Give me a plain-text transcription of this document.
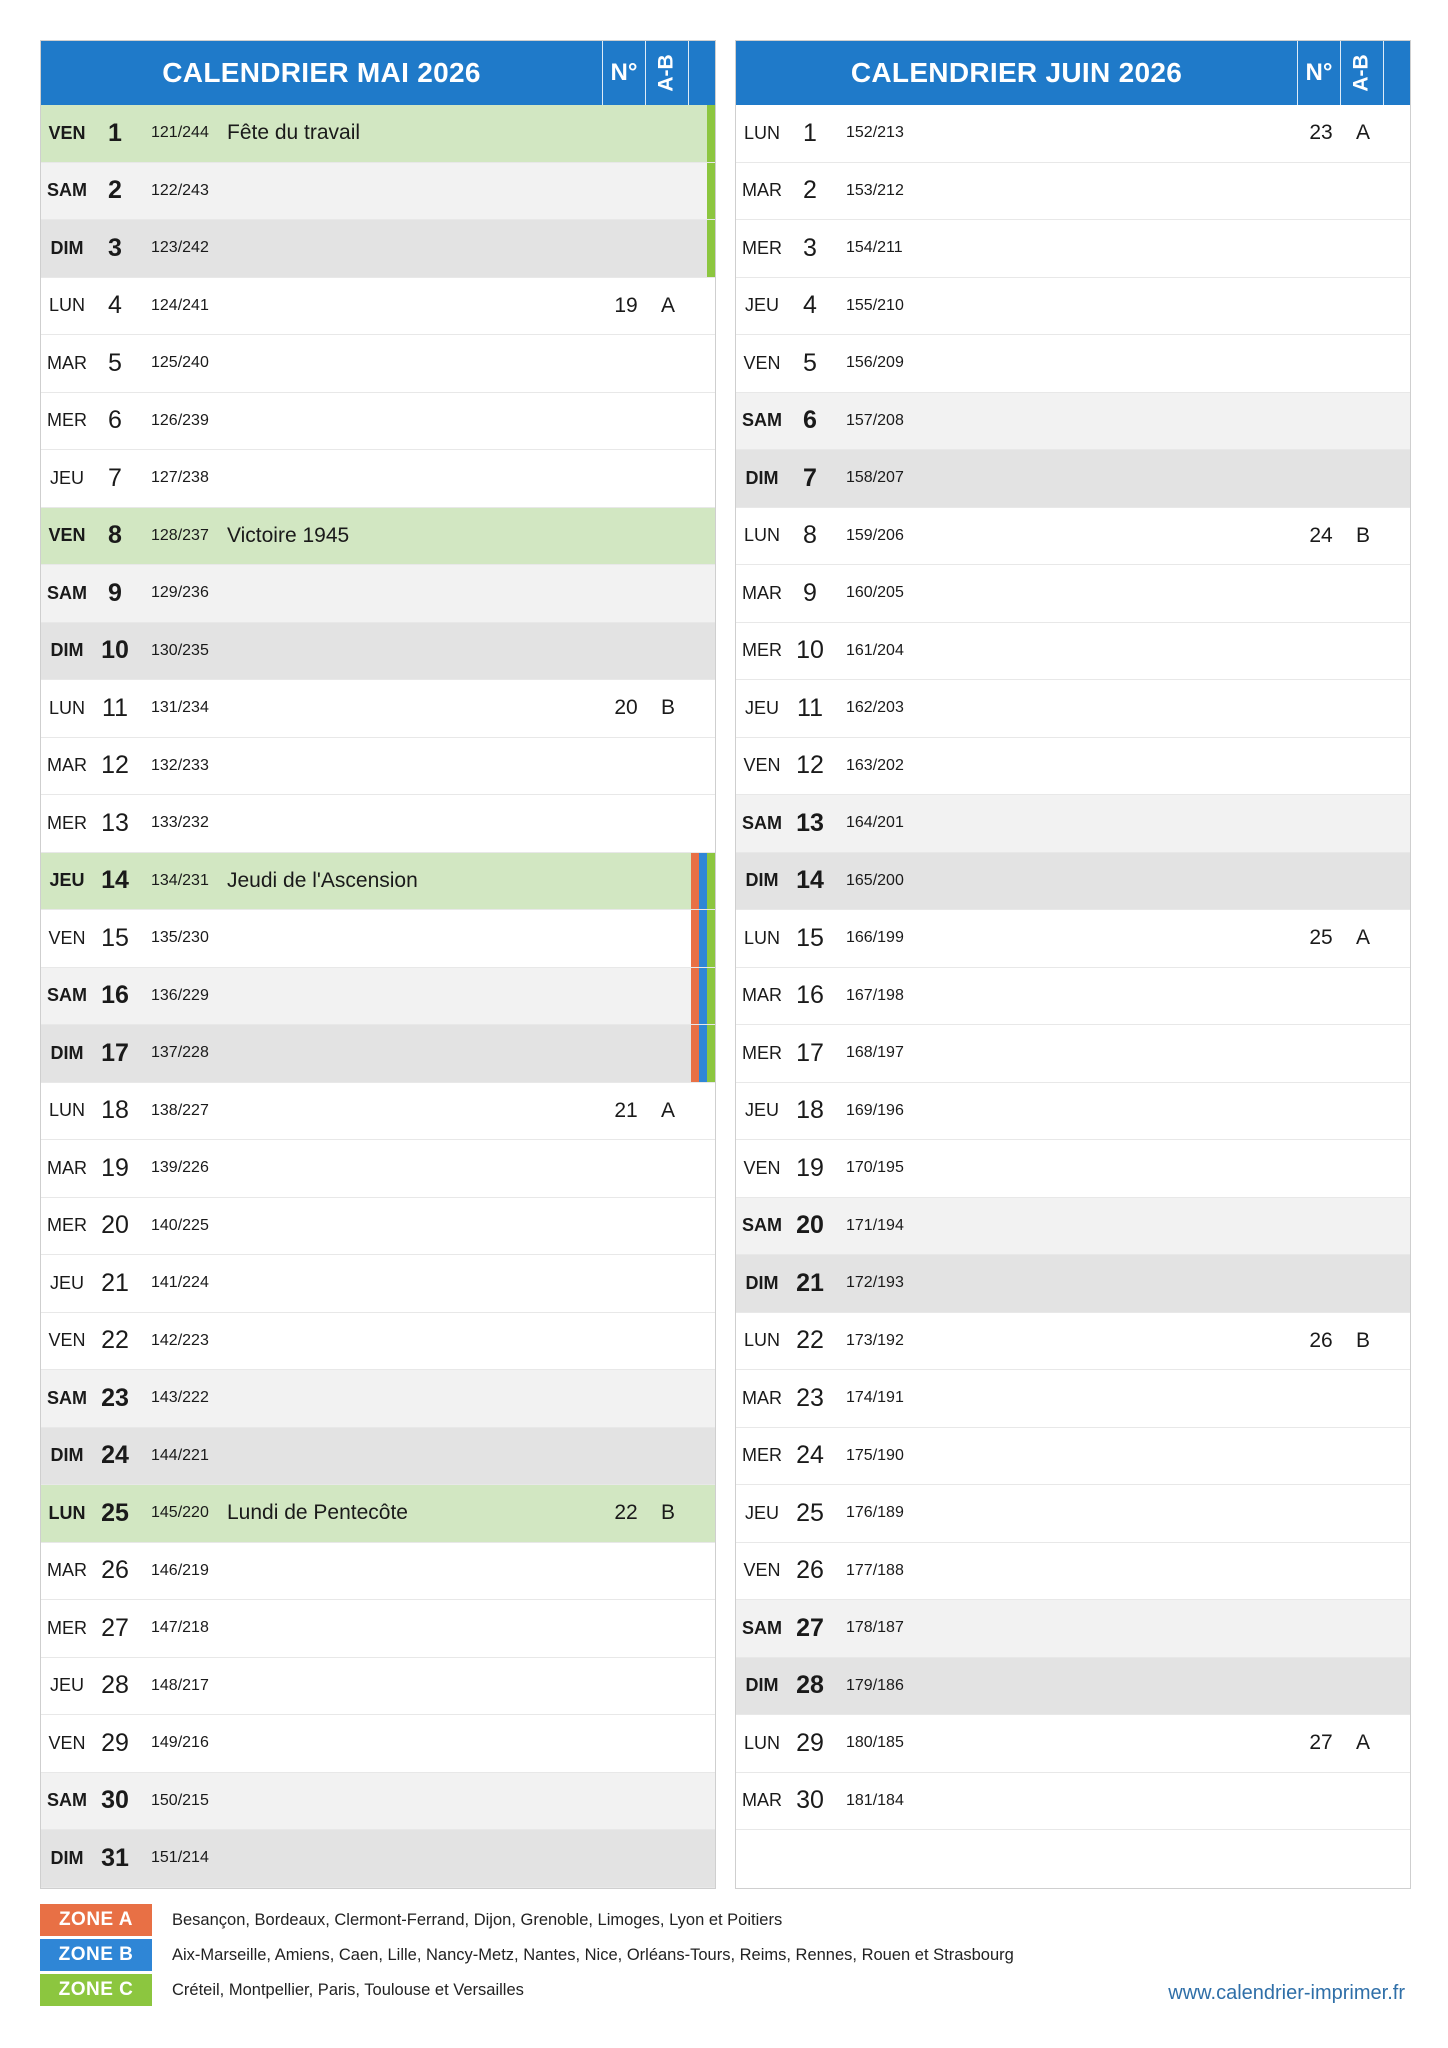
CALENDRIER MAI 2026	N° A-B
VEN 1	121/244 Fête du travail
SAM 2	122/243
DIM 3	123/242
LUN 4	124/241	19	A
MAR 5	125/240
MER 6	126/239
JEU 7	127/238
VEN 8	128/237 Victoire 1945
SAM 9	129/236
DIM 10	130/235
LUN 11	131/234	20	B
MAR 12	132/233
MER 13	133/232
JEU 14	134/231 Jeudi de l'Ascension
VEN 15	135/230
SAM 16	136/229
DIM 17	137/228
LUN 18	138/227	21	A
MAR 19	139/226
MER 20	140/225
JEU 21	141/224
VEN 22	142/223
SAM 23	143/222
DIM 24	144/221
LUN 25	145/220 Lundi de Pentecôte	22	B
MAR 26	146/219
MER 27	147/218
JEU 28	148/217
VEN 29	149/216
SAM 30	150/215
DIM 31	151/214
CALENDRIER JUIN 2026	N° A-B
LUN 1	152/213	23	A
MAR 2	153/212
MER 3	154/211
JEU 4	155/210
VEN 5	156/209
SAM 6	157/208
DIM 7	158/207
LUN 8	159/206	24	B
MAR 9	160/205
MER 10	161/204
JEU 11	162/203
VEN 12	163/202
SAM 13	164/201
DIM 14	165/200
LUN 15	166/199	25	A
MAR 16	167/198
MER 17	168/197
JEU 18	169/196
VEN 19	170/195
SAM 20	171/194
DIM 21	172/193
LUN 22	173/192	26	B
MAR 23	174/191
MER 24	175/190
JEU 25	176/189
VEN 26	177/188
SAM 27	178/187
DIM 28	179/186
LUN 29	180/185	27	A
MAR 30	181/184
ZONE A	Besançon, Bordeaux, Clermont-Ferrand, Dijon, Grenoble, Limoges, Lyon et Poitiers
ZONE B	Aix-Marseille, Amiens, Caen, Lille, Nancy-Metz, Nantes, Nice, Orléans-Tours, Reims, Rennes, Rouen et Strasbourg
ZONE C	Créteil, Montpellier, Paris, Toulouse et Versailles	www.calendrier-imprimer.fr
